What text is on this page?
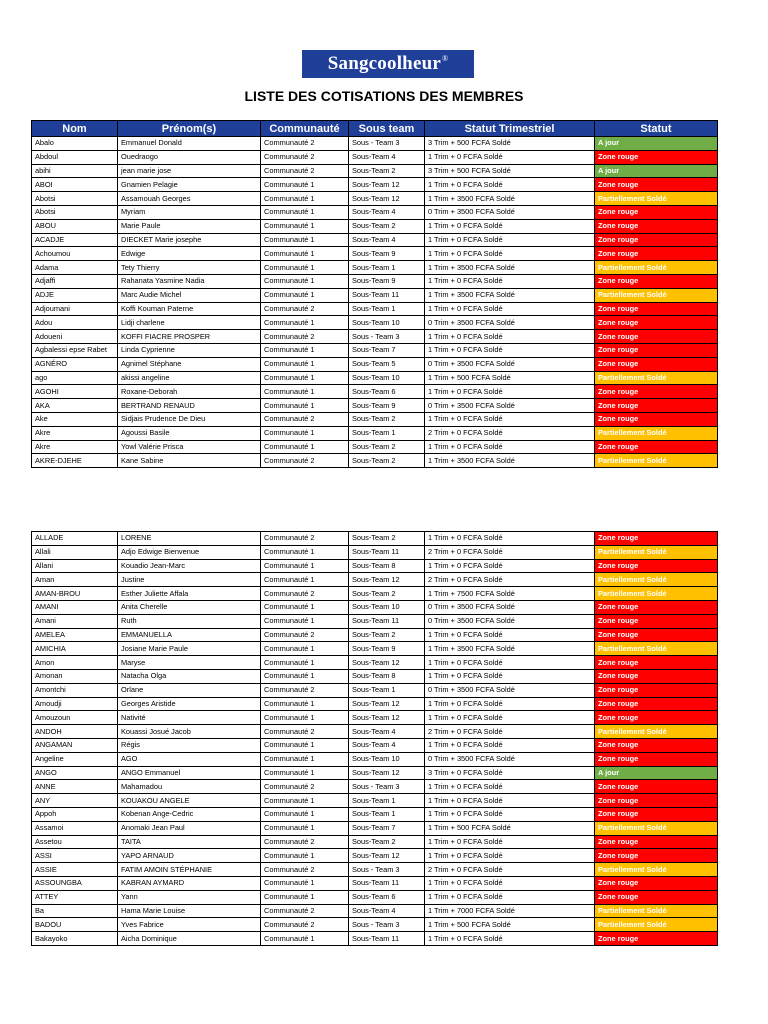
Sangcoolheur®
LISTE DES COTISATIONS DES MEMBRES
Nom	Prénom(s)	Communauté	Sous team	Statut Trimestriel	Statut
Abalo	Emmanuel Donald	Communauté 2	Sous - Team 3	3 Trim + 500 FCFA Soldé	A jour
Abdoul	Ouedraogo	Communauté 2	Sous-Team 4	1 Trim + 0 FCFA Soldé	Zone rouge
abihi	jean marie jose	Communauté 2	Sous-Team 2	3 Trim + 500 FCFA Soldé	A jour
ABOI	Gnamien Pelagie	Communauté 1	Sous-Team 12	1 Trim + 0 FCFA Soldé	Zone rouge
Abotsi	Assamouah Georges	Communauté 1	Sous-Team 12	1 Trim + 3500 FCFA Soldé	Partiellement Soldé
Abotsi	Myriam	Communauté 1	Sous-Team 4	0 Trim + 3500 FCFA Soldé	Zone rouge
ABOU	Marie Paule	Communauté 1	Sous-Team 2	1 Trim + 0 FCFA Soldé	Zone rouge
ACADJE	DIECKET Marie josephe	Communauté 1	Sous-Team 4	1 Trim + 0 FCFA Soldé	Zone rouge
Achoumou	Edwige	Communauté 1	Sous-Team 9	1 Trim + 0 FCFA Soldé	Zone rouge
Adama	Tety Thierry	Communauté 1	Sous-Team 1	1 Trim + 3500 FCFA Soldé	Partiellement Soldé
Adjaffi	Rahanata Yasmine Nadia	Communauté 1	Sous-Team 9	1 Trim + 0 FCFA Soldé	Zone rouge
ADJE	Marc Audie Michel	Communauté 1	Sous-Team 11	1 Trim + 3500 FCFA Soldé	Partiellement Soldé
Adjoumani	Koffi Kouman Paterne	Communauté 2	Sous-Team 1	1 Trim + 0 FCFA Soldé	Zone rouge
Adou	Lidji charlene	Communauté 1	Sous-Team 10	0 Trim + 3500 FCFA Soldé	Zone rouge
Adoueni	KOFFI FIACRE PROSPER	Communauté 2	Sous - Team 3	1 Trim + 0 FCFA Soldé	Zone rouge
Agbalessi epse Rabet	Linda Cyprienne	Communauté 1	Sous-Team 7	1 Trim + 0 FCFA Soldé	Zone rouge
AGNÉRO	Agnimel Stéphane	Communauté 1	Sous-Team 5	0 Trim + 3500 FCFA Soldé	Zone rouge
ago	akissi angeline	Communauté 1	Sous-Team 10	1 Trim + 500 FCFA Soldé	Partiellement Soldé
AGOHI	Roxane-Deborah	Communauté 1	Sous-Team 6	1 Trim + 0 FCFA Soldé	Zone rouge
AKA	BERTRAND RENAUD	Communauté 1	Sous-Team 9	0 Trim + 3500 FCFA Soldé	Zone rouge
Ake	Sidjais Prudence De Dieu	Communauté 2	Sous-Team 2	1 Trim + 0 FCFA Soldé	Zone rouge
Akre	Agoussi Basile	Communauté 1	Sous-Team 1	2 Trim + 0 FCFA Soldé	Partiellement Soldé
Akre	Yowl Valérie Prisca	Communauté 1	Sous-Team 2	1 Trim + 0 FCFA Soldé	Zone rouge
AKRE-DJEHE	Kane Sabine	Communauté 2	Sous-Team 2	1 Trim + 3500 FCFA Soldé	Partiellement Soldé
ALLADE	LORENE	Communauté 2	Sous-Team 2	1 Trim + 0 FCFA Soldé	Zone rouge
Allali	Adjo Edwige Bienvenue	Communauté 1	Sous-Team 11	2 Trim + 0 FCFA Soldé	Partiellement Soldé
Allani	Kouadio Jean-Marc	Communauté 1	Sous-Team 8	1 Trim + 0 FCFA Soldé	Zone rouge
Aman	Justine	Communauté 1	Sous-Team 12	2 Trim + 0 FCFA Soldé	Partiellement Soldé
AMAN-BROU	Esther Juliette Affala	Communauté 2	Sous-Team 2	1 Trim + 7500 FCFA Soldé	Partiellement Soldé
AMANI	Anita Cherelle	Communauté 1	Sous-Team 10	0 Trim + 3500 FCFA Soldé	Zone rouge
Amani	Ruth	Communauté 1	Sous-Team 11	0 Trim + 3500 FCFA Soldé	Zone rouge
AMELEA	EMMANUELLA	Communauté 2	Sous-Team 2	1 Trim + 0 FCFA Soldé	Zone rouge
AMICHIA	Josiane Marie Paule	Communauté 1	Sous-Team 9	1 Trim + 3500 FCFA Soldé	Partiellement Soldé
Amon	Maryse	Communauté 1	Sous-Team 12	1 Trim + 0 FCFA Soldé	Zone rouge
Amonan	Natacha Olga	Communauté 1	Sous-Team 8	1 Trim + 0 FCFA Soldé	Zone rouge
Amontchi	Orlane	Communauté 2	Sous-Team 1	0 Trim + 3500 FCFA Soldé	Zone rouge
Amoudji	Georges Aristide	Communauté 1	Sous-Team 12	1 Trim + 0 FCFA Soldé	Zone rouge
Amouzoun	Nativité	Communauté 1	Sous-Team 12	1 Trim + 0 FCFA Soldé	Zone rouge
ANDOH	Kouassi Josué Jacob	Communauté 2	Sous-Team 4	2 Trim + 0 FCFA Soldé	Partiellement Soldé
ANGAMAN	Régis	Communauté 1	Sous-Team 4	1 Trim + 0 FCFA Soldé	Zone rouge
Angeline	AGO	Communauté 1	Sous-Team 10	0 Trim + 3500 FCFA Soldé	Zone rouge
ANGO	ANGO Emmanuel	Communauté 1	Sous-Team 12	3 Trim + 0 FCFA Soldé	A jour
ANNE	Mahamadou	Communauté 2	Sous - Team 3	1 Trim + 0 FCFA Soldé	Zone rouge
ANY	KOUAKOU ANGELE	Communauté 1	Sous-Team 1	1 Trim + 0 FCFA Soldé	Zone rouge
Appoh	Kobenan Ange-Cedric	Communauté 1	Sous-Team 1	1 Trim + 0 FCFA Soldé	Zone rouge
Assamoi	Anomaki Jean Paul	Communauté 1	Sous-Team 7	1 Trim + 500 FCFA Soldé	Partiellement Soldé
Assetou	TAITA	Communauté 2	Sous-Team 2	1 Trim + 0 FCFA Soldé	Zone rouge
ASSI	YAPO ARNAUD	Communauté 1	Sous-Team 12	1 Trim + 0 FCFA Soldé	Zone rouge
ASSIE	FATIM AMOIN STÉPHANIE	Communauté 2	Sous - Team 3	2 Trim + 0 FCFA Soldé	Partiellement Soldé
ASSOUNGBA	KABRAN AYMARD	Communauté 1	Sous-Team 11	1 Trim + 0 FCFA Soldé	Zone rouge
ATTEY	Yann	Communauté 1	Sous-Team 6	1 Trim + 0 FCFA Soldé	Zone rouge
Ba	Hama Marie Louise	Communauté 2	Sous-Team 4	1 Trim + 7000 FCFA Soldé	Partiellement Soldé
BADOU	Yves Fabrice	Communauté 2	Sous - Team 3	1 Trim + 500 FCFA Soldé	Partiellement Soldé
Bakayoko	Aicha Dominique	Communauté 1	Sous-Team 11	1 Trim + 0 FCFA Soldé	Zone rouge
